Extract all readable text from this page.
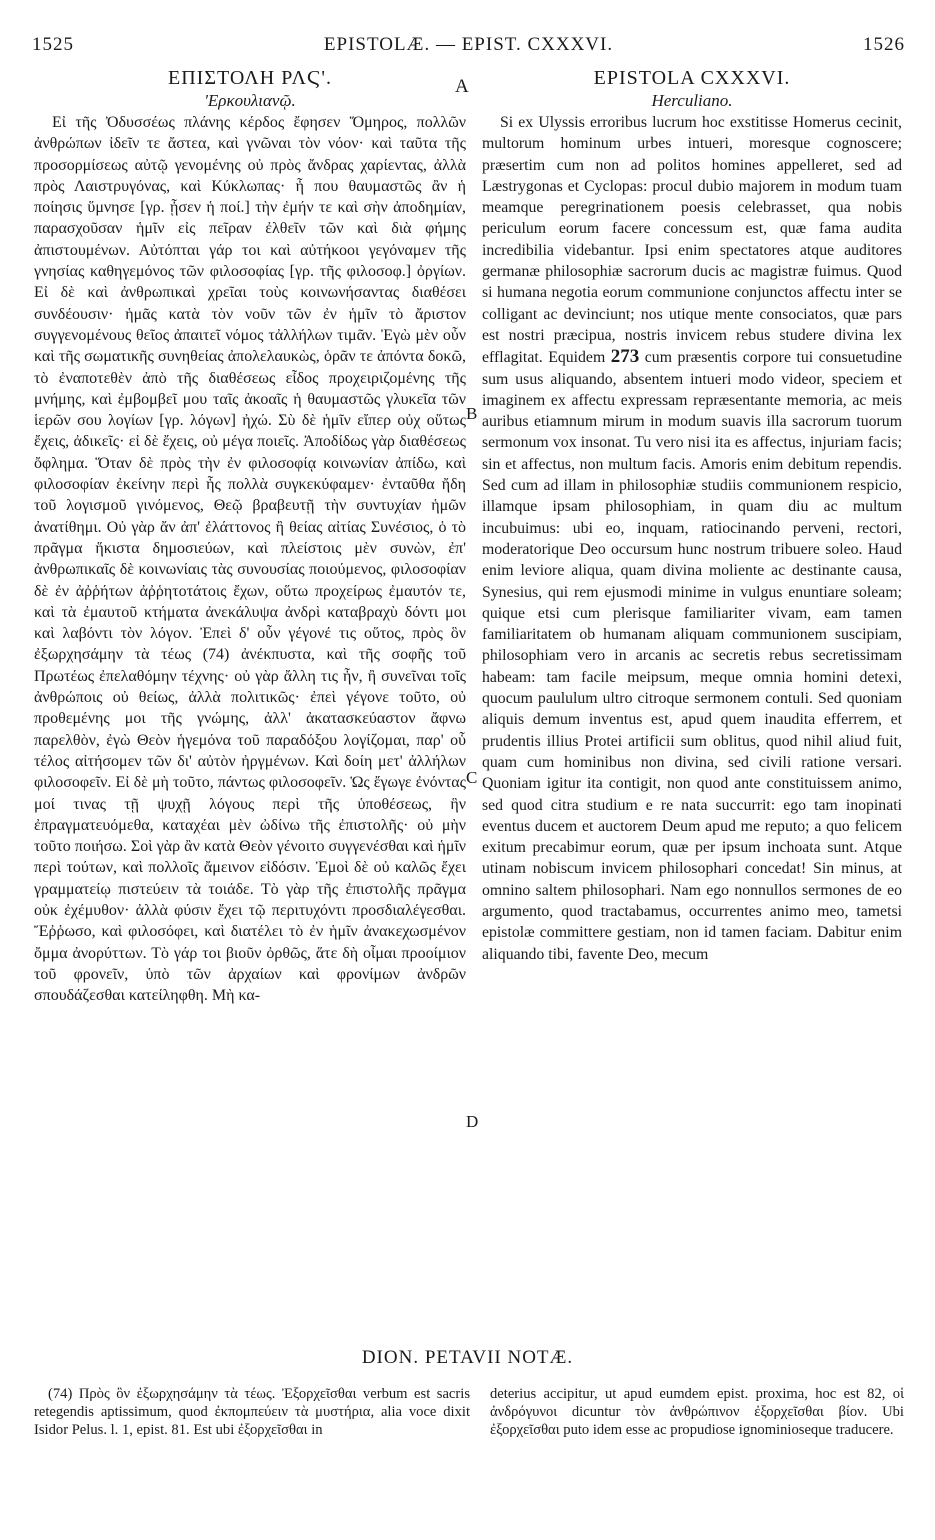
1525	EPISTOLÆ. — EPIST. CXXXVI.	1526
A
B
C
D
ΕΠΙΣΤΟΛΗ ΡΛϚ'.
'Ερκουλιανῷ.

Εἰ τῆς Ὀδυσσέως πλάνης κέρδος ἔφησεν Ὅμηρος, πολλῶν ἀνθρώπων ἰδεῖν τε ἄστεα, καὶ γνῶναι τὸν νόον· καὶ ταῦτα τῆς προσορμίσεως αὐτῷ γενομένης οὐ πρὸς ἄνδρας χαρίεντας, ἀλλὰ πρὸς Λαιστρυγόνας, καὶ Κύκλωπας· ἦ που θαυμαστῶς ἂν ἡ ποίησις ὕμνησε [γρ. ᾖσεν ἡ ποί.] τὴν ἐμήν τε καὶ σὴν ἀποδημίαν, παρασχοῦσαν ἡμῖν εἰς πεῖραν ἐλθεῖν τῶν καὶ διὰ φήμης ἀπιστουμένων. Αὐτόπται γάρ τοι καὶ αὐτήκοοι γεγόναμεν τῆς γνησίας καθηγεμόνος τῶν φιλοσοφίας [γρ. τῆς φιλοσοφ.] ὀργίων. Εἰ δὲ καὶ ἀνθρωπικαὶ χρεῖαι τοὺς κοινωνήσαντας διαθέσει συνδέουσιν· ἡμᾶς κατὰ τὸν νοῦν τῶν ἐν ἡμῖν τὸ ἄριστον συγγενομένους θεῖος ἀπαιτεῖ νόμος τἀλλήλων τιμᾶν. Ἐγὼ μὲν οὖν καὶ τῆς σωματικῆς συνηθείας ἀπολελαυκὼς, ὁρᾶν τε ἀπόντα δοκῶ, τὸ ἐναποτεθὲν ἀπὸ τῆς διαθέσεως εἶδος προχειριζομένης τῆς μνήμης, καὶ ἐμβομβεῖ μου ταῖς ἀκοαῖς ἡ θαυμαστῶς γλυκεῖα τῶν ἱερῶν σου λογίων [γρ. λόγων] ἠχώ. Σὺ δὲ ἡμῖν εἴπερ οὐχ οὕτως ἔχεις, ἀδικεῖς· εἰ δὲ ἔχεις, οὐ μέγα ποιεῖς. Ἀποδίδως γὰρ διαθέσεως ὄφλημα. Ὅταν δὲ πρὸς τὴν ἐν φιλοσοφίᾳ κοινωνίαν ἀπίδω, καὶ φιλοσοφίαν ἐκείνην περὶ ἧς πολλὰ συγκεκύφαμεν· ἐνταῦθα ἤδη τοῦ λογισμοῦ γινόμενος, Θεῷ βραβευτῇ τὴν συντυχίαν ἡμῶν ἀνατίθημι. Οὐ γὰρ ἄν ἀπ' ἐλάττονος ἢ θείας αἰτίας Συνέσιος, ὁ τὸ πρᾶγμα ἥκιστα δημοσιεύων, καὶ πλείστοις μὲν συνὼν, ἐπ' ἀνθρωπικαῖς δὲ κοινωνίαις τὰς συνουσίας ποιούμενος, φιλοσοφίαν δὲ ἐν ἀῤῥήτων ἀῤῥητοτάτοις ἔχων, οὕτω προχείρως ἐμαυτόν τε, καὶ τὰ ἐμαυτοῦ κτήματα ἀνεκάλυψα ἀνδρὶ καταβραχὺ δόντι μοι καὶ λαβόντι τὸν λόγον. Ἐπεὶ δ' οὖν γέγονέ τις οὕτος, πρὸς ὃν ἐξωρχησάμην τὰ τέως (74) ἀνέκπυστα, καὶ τῆς σοφῆς τοῦ Πρωτέως ἐπελαθόμην τέχνης· οὐ γὰρ ἄλλη τις ἦν, ἢ συνεῖναι τοῖς ἀνθρώποις οὐ θείως, ἀλλὰ πολιτικῶς· ἐπεὶ γέγονε τοῦτο, οὐ προθεμένης μοι τῆς γνώμης, ἀλλ' ἀκατασκεύαστον ἄφνω παρελθὸν, ἐγὼ Θεὸν ἡγεμόνα τοῦ παραδόξου λογίζομαι, παρ' οὗ τέλος αἰτήσομεν τῶν δι' αὐτὸν ἠργμένων. Καὶ δοίη μετ' ἀλλήλων φιλοσοφεῖν. Εἰ δὲ μὴ τοῦτο, πάντως φιλοσοφεῖν. Ὡς ἔγωγε ἐνόντας μοί τινας τῇ ψυχῇ λόγους περὶ τῆς ὑποθέσεως, ἣν ἐπραγματευόμεθα, καταχέαι μὲν ὠδίνω τῆς ἐπιστολῆς· οὐ μὴν τοῦτο ποιήσω. Σοὶ γὰρ ἂν κατὰ Θεὸν γένοιτο συγγενέσθαι καὶ ἡμῖν περὶ τούτων, καὶ πολλοῖς ἄμεινον εἰδόσιν. Ἐμοὶ δὲ οὐ καλῶς ἔχει γραμματείῳ πιστεύειν τὰ τοιάδε. Τὸ γὰρ τῆς ἐπιστολῆς πρᾶγμα οὐκ ἐχέμυθον· ἀλλὰ φύσιν ἔχει τῷ περιτυχόντι προσδιαλέγεσθαι. Ἔῤῥωσο, καὶ φιλοσόφει, καὶ διατέλει τὸ ἐν ἡμῖν ἀνακεχωσμένον ὄμμα ἀνορύττων. Τὸ γάρ τοι βιοῦν ὀρθῶς, ἅτε δὴ οἶμαι προοίμιον τοῦ φρονεῖν, ὑπὸ τῶν ἀρχαίων καὶ φρονίμων ἀνδρῶν σπουδάζεσθαι κατείληφθη. Μὴ κα-

EPISTOLA CXXXVI.
Herculiano.

Si ex Ulyssis erroribus lucrum hoc exstitisse Homerus cecinit, multorum hominum urbes intueri, moresque cognoscere; præsertim cum non ad politos homines appelleret, sed ad Læstrygonas et Cyclopas: procul dubio majorem in modum tuam meamque peregrinationem poesis celebrasset, qua nobis periculum eorum facere concessum est, quæ fama audita incredibilia videbantur. Ipsi enim spectatores atque auditores germanæ philosophiæ sacrorum ducis ac magistræ fuimus. Quod si humana negotia eorum communione conjunctos affectu inter se colligant ac devinciunt; nos utique mente consociatos, quæ pars est nostri præcipua, nostris invicem rebus studere divina lex efflagitat. Equidem 273 cum præsentis corpore tui consuetudine sum usus aliquando, absentem intueri modo videor, speciem et imaginem ex affectu expressam repræsentante memoria, ac meis auribus etiamnum mirum in modum suavis illa sacrorum tuorum sermonum vox insonat. Tu vero nisi ita es affectus, injuriam facis; sin et affectus, non multum facis. Amoris enim debitum rependis. Sed cum ad illam in philosophiæ studiis communionem respicio, illamque ipsam philosophiam, in quam diu ac multum incubuimus: ubi eo, inquam, ratiocinando perveni, rectori, moderatorique Deo occursum hunc nostrum tribuere soleo. Haud enim leviore aliqua, quam divina moliente ac destinante causa, Synesius, qui rem ejusmodi minime in vulgus enuntiare soleam; quique etsi cum plerisque familiariter vivam, eam tamen familiaritatem ob humanam aliquam communionem suscipiam, philosophiam vero in arcanis ac secretis rebus secretissimam habeam: tam facile meipsum, meque omnia homini detexi, quocum paululum ultro citroque sermonem contuli. Sed quoniam aliquis demum inventus est, apud quem inaudita efferrem, et prudentis illius Protei artificii sum oblitus, quod nihil aliud fuit, quam cum hominibus non divina, sed civili ratione versari. Quoniam igitur ita contigit, non quod ante constituissem animo, sed quod citra studium e re nata succurrit: ego tam inopinati eventus ducem et auctorem Deum apud me reputo; a quo felicem exitum precabimur eorum, quæ per ipsum inchoata sunt. Atque utinam nobiscum invicem philosophari concedat! Sin minus, at omnino saltem philosophari. Nam ego nonnullos sermones de eo argumento, quod tractabamus, occurrentes animo meo, tametsi epistolæ committere gestiam, non id tamen faciam. Dabitur enim aliquando tibi, favente Deo, mecum

DION. PETAVII NOTÆ.

(74) Πρὸς ὃν ἐξωρχησάμην τὰ τέως. Ἐξορχεῖσθαι verbum est sacris retegendis aptissimum, quod ἐκπομπεύειν τὰ μυστήρια, alia voce dixit Isidor Pelus. l. 1, epist. 81. Est ubi ἐξορχεῖσθαι in

deterius accipitur, ut apud eumdem epist. proxima, hoc est 82, οἱ ἀνδρόγυνοι dicuntur τὸν ἀνθρώπινον ἐξορχεῖσθαι βίον. Ubi ἐξορχεῖσθαι puto idem esse ac propudiose ignominioseque traducere.
